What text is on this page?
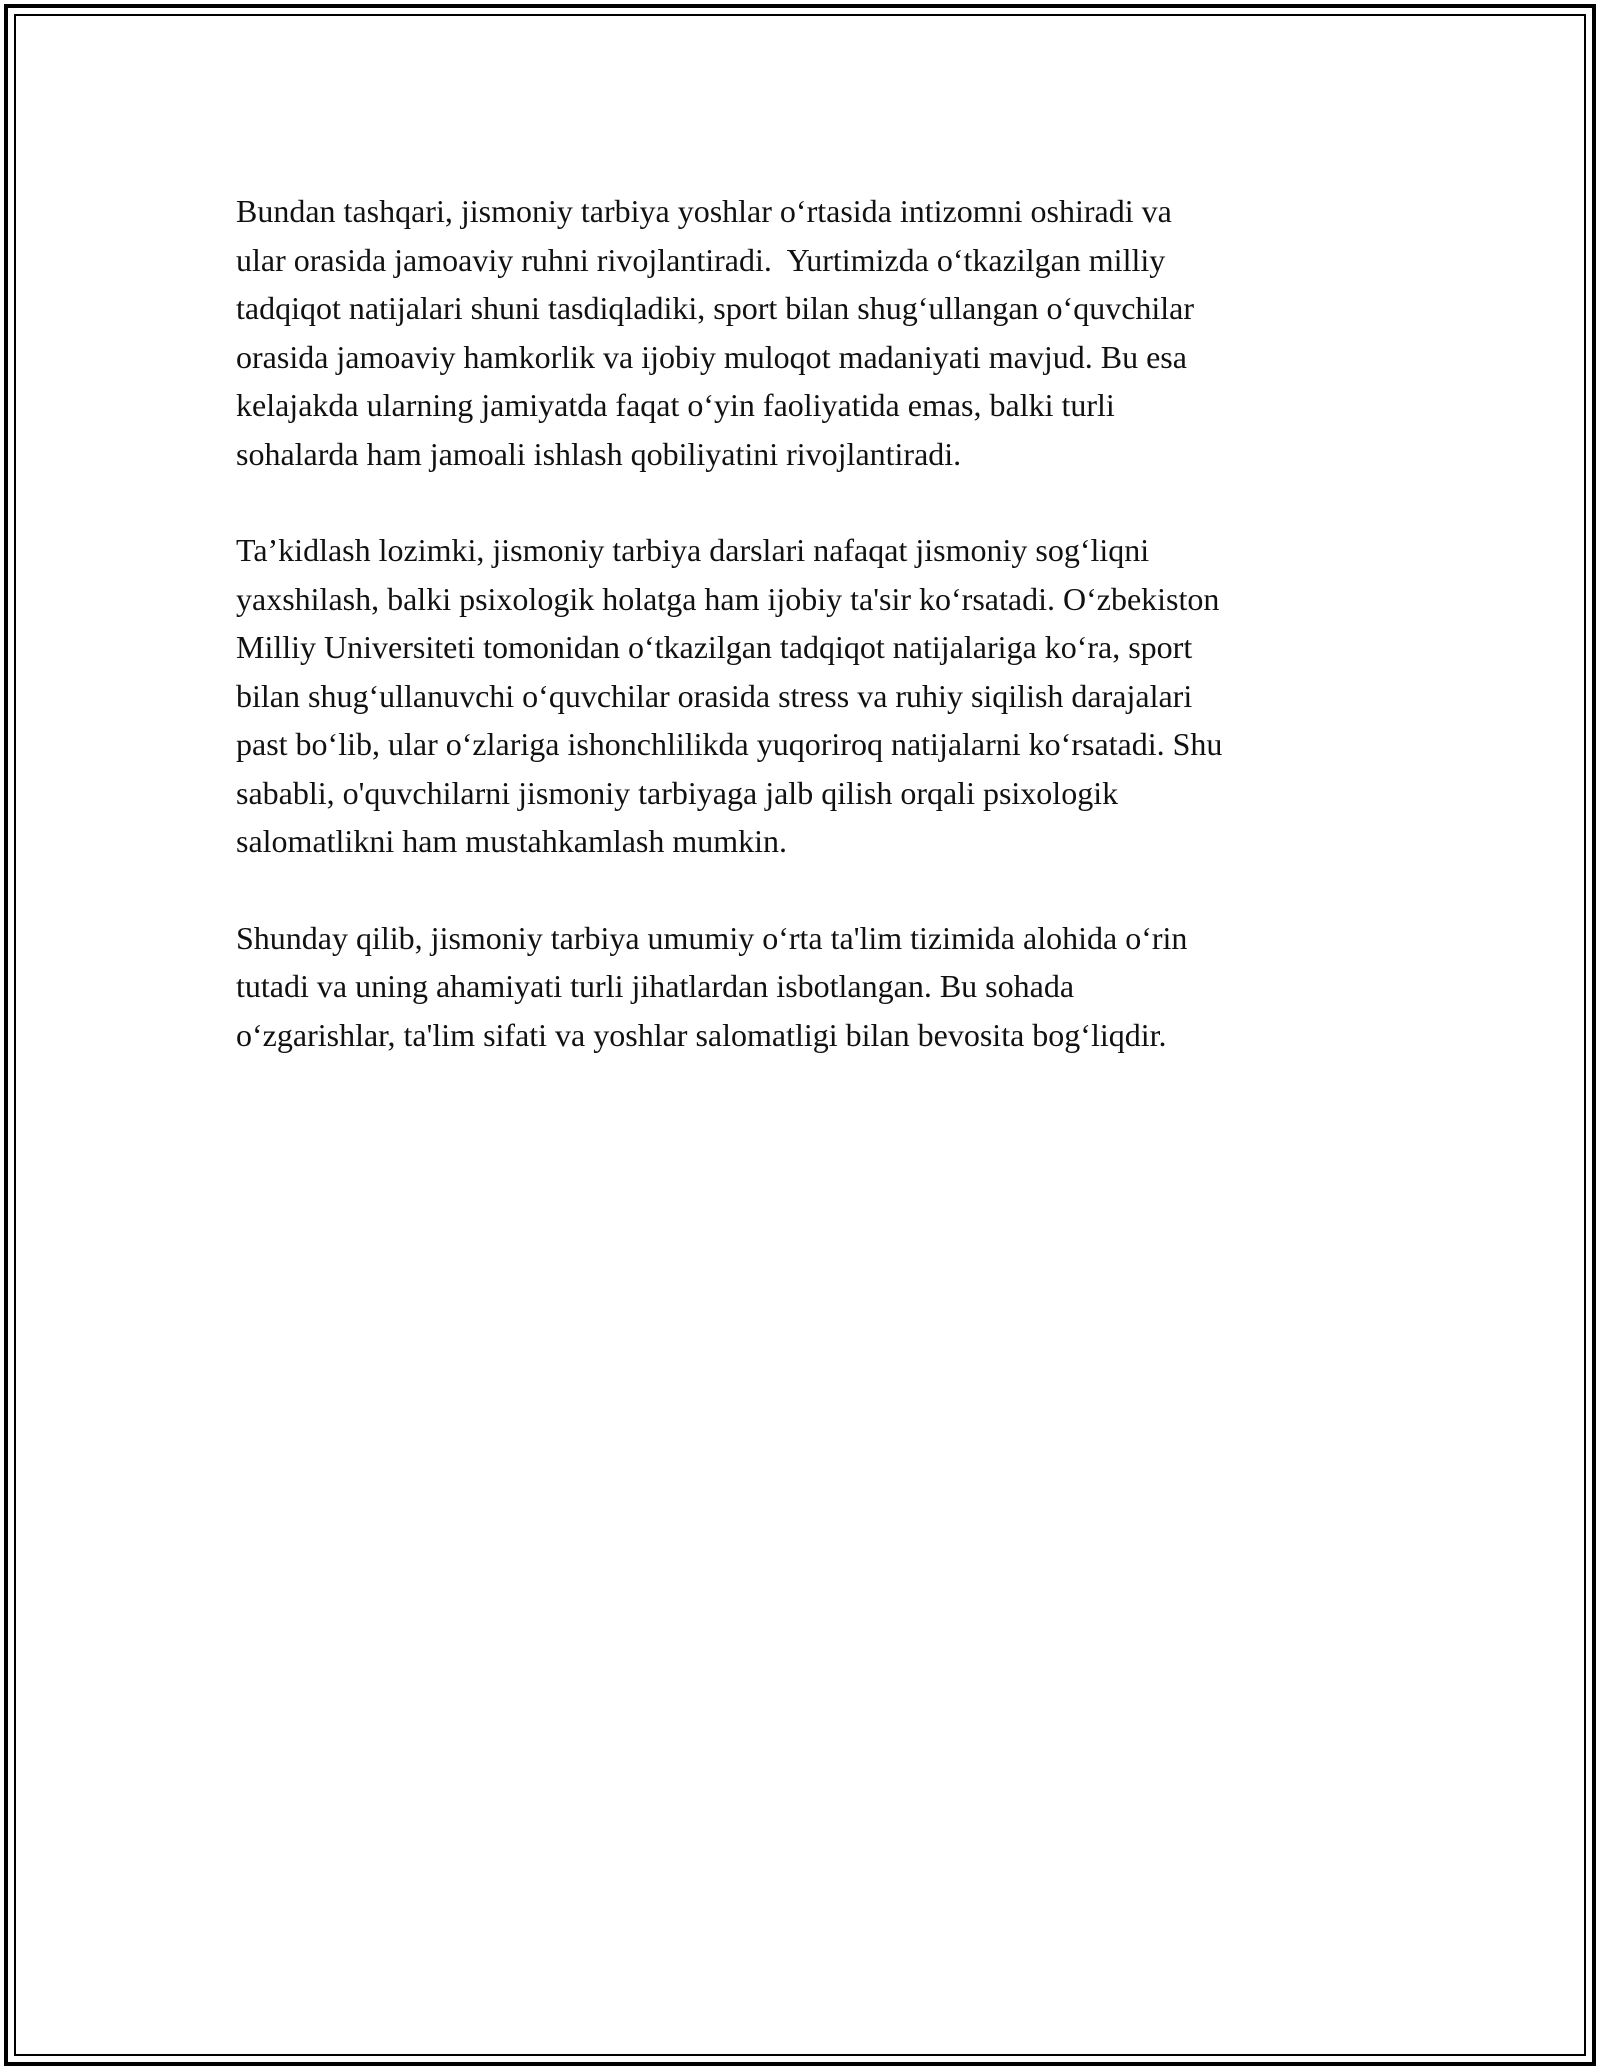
Bundan tashqari, jismoniy tarbiya yoshlar o‘rtasida intizomni oshiradi va
ular orasida jamoaviy ruhni rivojlantiradi.  Yurtimizda o‘tkazilgan milliy
tadqiqot natijalari shuni tasdiqladiki, sport bilan shug‘ullangan o‘quvchilar
orasida jamoaviy hamkorlik va ijobiy muloqot madaniyati mavjud. Bu esa
kelajakda ularning jamiyatda faqat o‘yin faoliyatida emas, balki turli
sohalarda ham jamoali ishlash qobiliyatini rivojlantiradi.

Ta’kidlash lozimki, jismoniy tarbiya darslari nafaqat jismoniy sog‘liqni
yaxshilash, balki psixologik holatga ham ijobiy ta'sir ko‘rsatadi. O‘zbekiston
Milliy Universiteti tomonidan o‘tkazilgan tadqiqot natijalariga ko‘ra, sport
bilan shug‘ullanuvchi o‘quvchilar orasida stress va ruhiy siqilish darajalari
past bo‘lib, ular o‘zlariga ishonchlilikda yuqoriroq natijalarni ko‘rsatadi. Shu
sababli, o'quvchilarni jismoniy tarbiyaga jalb qilish orqali psixologik
salomatlikni ham mustahkamlash mumkin.

Shunday qilib, jismoniy tarbiya umumiy o‘rta ta'lim tizimida alohida o‘rin
tutadi va uning ahamiyati turli jihatlardan isbotlangan. Bu sohada
o‘zgarishlar, ta'lim sifati va yoshlar salomatligi bilan bevosita bog‘liqdir.
